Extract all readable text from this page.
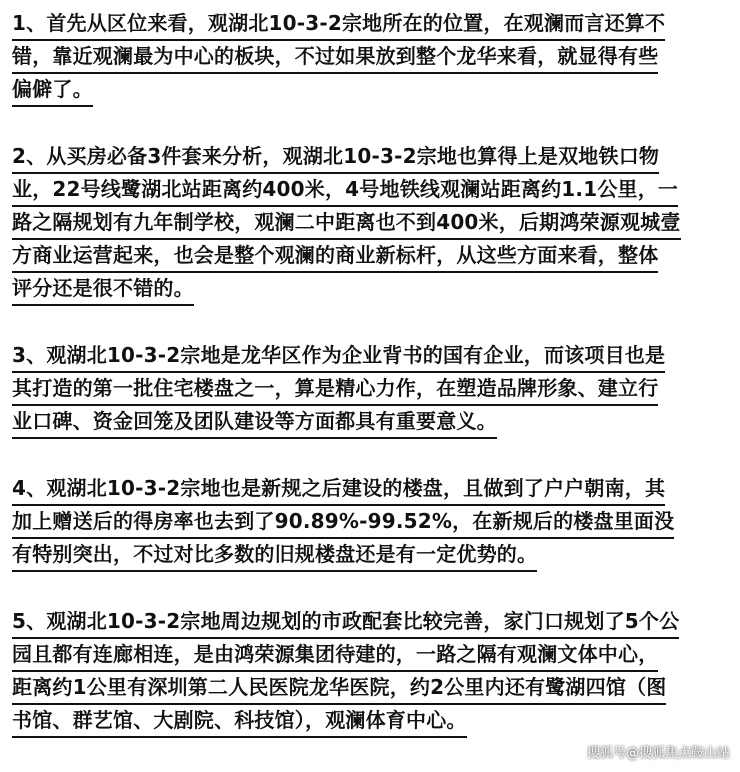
1、首先从区位来看，观湖北10-3-2宗地所在的位置，在观澜而言还算不
错，靠近观澜最为中心的板块，不过如果放到整个龙华来看，就显得有些
偏僻了。
2、从买房必备3件套来分析，观湖北10-3-2宗地也算得上是双地铁口物
业，22号线鹭湖北站距离约400米，4号地铁线观澜站距离约1.1公里，一
路之隔规划有九年制学校，观澜二中距离也不到400米，后期鸿荣源观城壹
方商业运营起来，也会是整个观澜的商业新标杆，从这些方面来看，整体
评分还是很不错的。
3、观湖北10-3-2宗地是龙华区作为企业背书的国有企业，而该项目也是
其打造的第一批住宅楼盘之一，算是精心力作，在塑造品牌形象、建立行
业口碑、资金回笼及团队建设等方面都具有重要意义。
4、观湖北10-3-2宗地也是新规之后建设的楼盘，且做到了户户朝南，其
加上赠送后的得房率也去到了90.89%-99.52%，在新规后的楼盘里面没
有特别突出，不过对比多数的旧规楼盘还是有一定优势的。
5、观湖北10-3-2宗地周边规划的市政配套比较完善，家门口规划了5个公
园且都有连廊相连，是由鸿荣源集团待建的，一路之隔有观澜文体中心，
距离约1公里有深圳第二人民医院龙华医院，约2公里内还有鹭湖四馆（图
书馆、群艺馆、大剧院、科技馆），观澜体育中心。
搜狐号@搜狐焦点鞍山站
